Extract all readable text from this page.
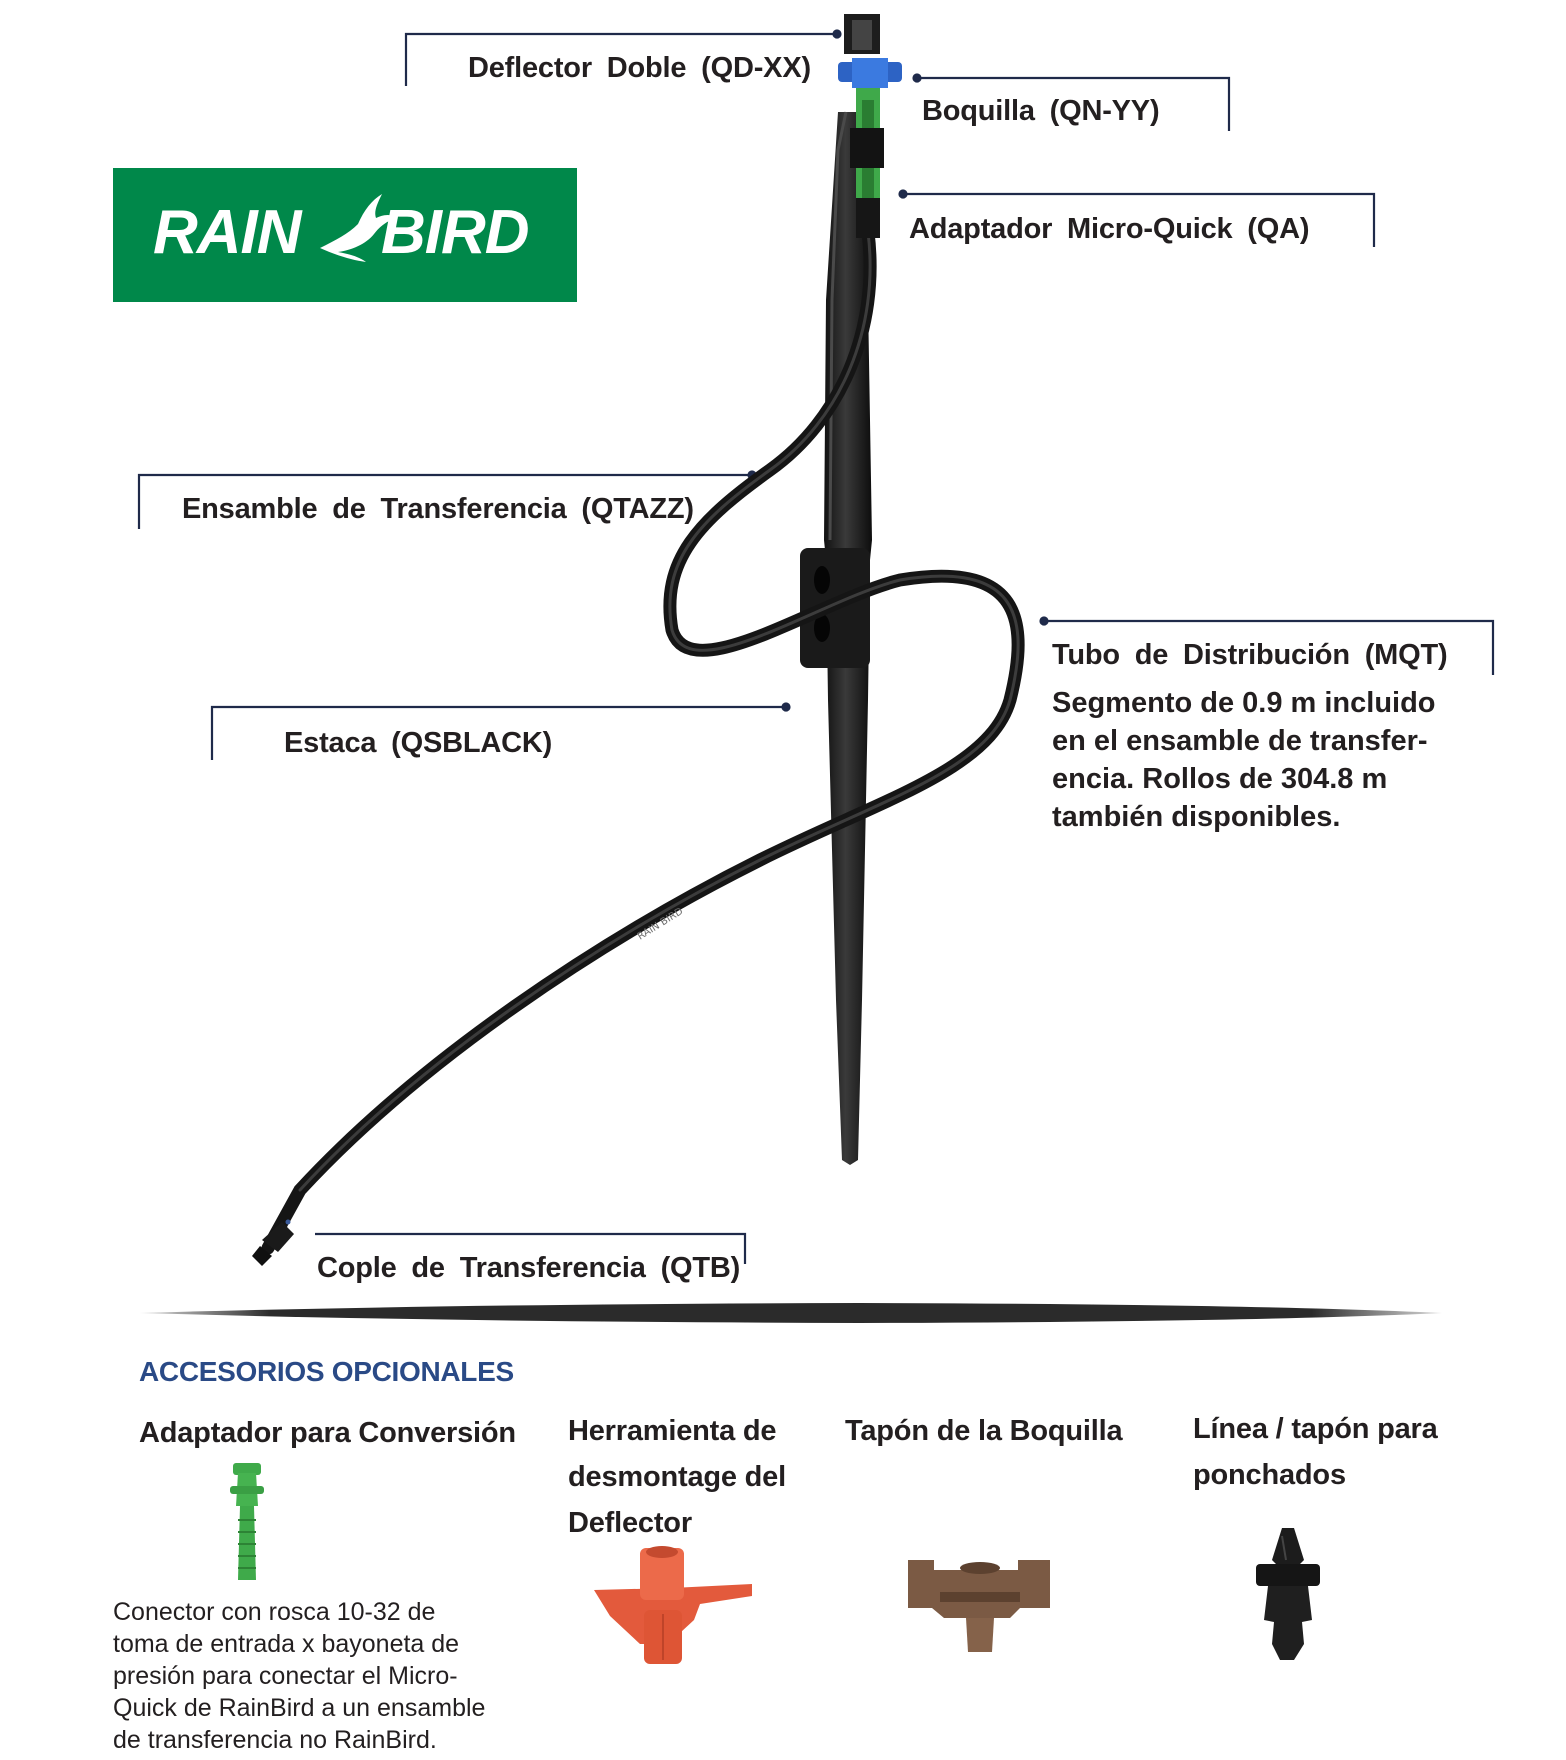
RAIN BIRD
RAIN BIRD
Deflector Doble (QD-XX)
Boquilla (QN-YY)
Adaptador Micro-Quick (QA)
Ensamble de Transferencia (QTAZZ)
Tubo de Distribución (MQT)
Segmento de 0.9 m incluido
en el ensamble de transfer-
encia. Rollos de 304.8 m
también disponibles.
Estaca (QSBLACK)
Cople de Transferencia (QTB)
ACCESORIOS OPCIONALES
Adaptador para Conversión Herramienta de
desmontage del
Deflector
Tapón de la Boquilla Línea / tapón para
ponchados
Conector con rosca 10-32 de
toma de entrada x bayoneta de
presión para conectar el Micro-
Quick de RainBird a un ensamble
de transferencia no RainBird.
